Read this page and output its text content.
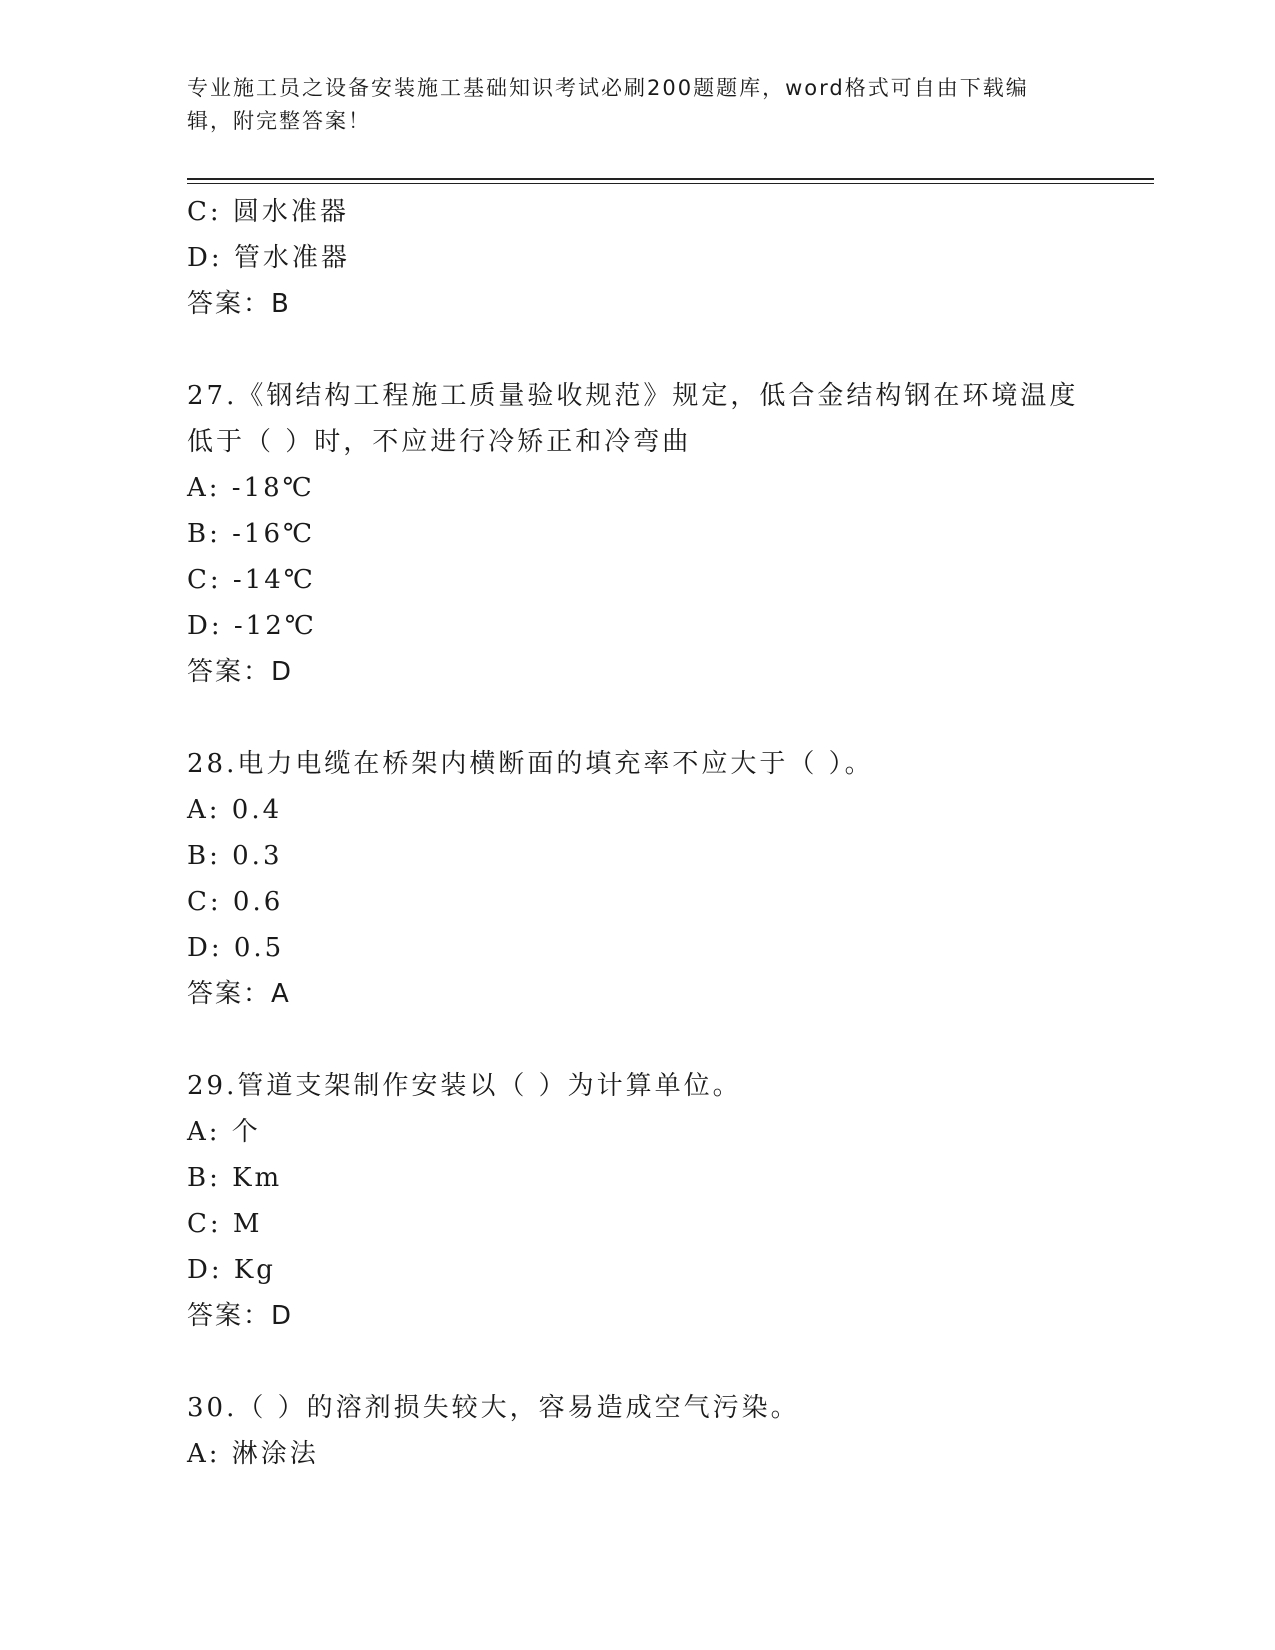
专业施工员之设备安装施工基础知识考试必刷200题题库，word格式可自由下载编辑，附完整答案！
C: 圆水准器
D: 管水准器
答案：B
27.《钢结构工程施工质量验收规范》规定，低合金结构钢在环境温度
低于（ ）时，不应进行冷矫正和冷弯曲
A: -18℃
B: -16℃
C: -14℃
D: -12℃
答案：D
28.电力电缆在桥架内横断面的填充率不应大于（ ）。
A: 0.4
B: 0.3
C: 0.6
D: 0.5
答案：A
29.管道支架制作安装以（ ）为计算单位。
A: 个
B: Km
C: M
D: Kg
答案：D
30.（ ）的溶剂损失较大，容易造成空气污染。
A: 淋涂法
